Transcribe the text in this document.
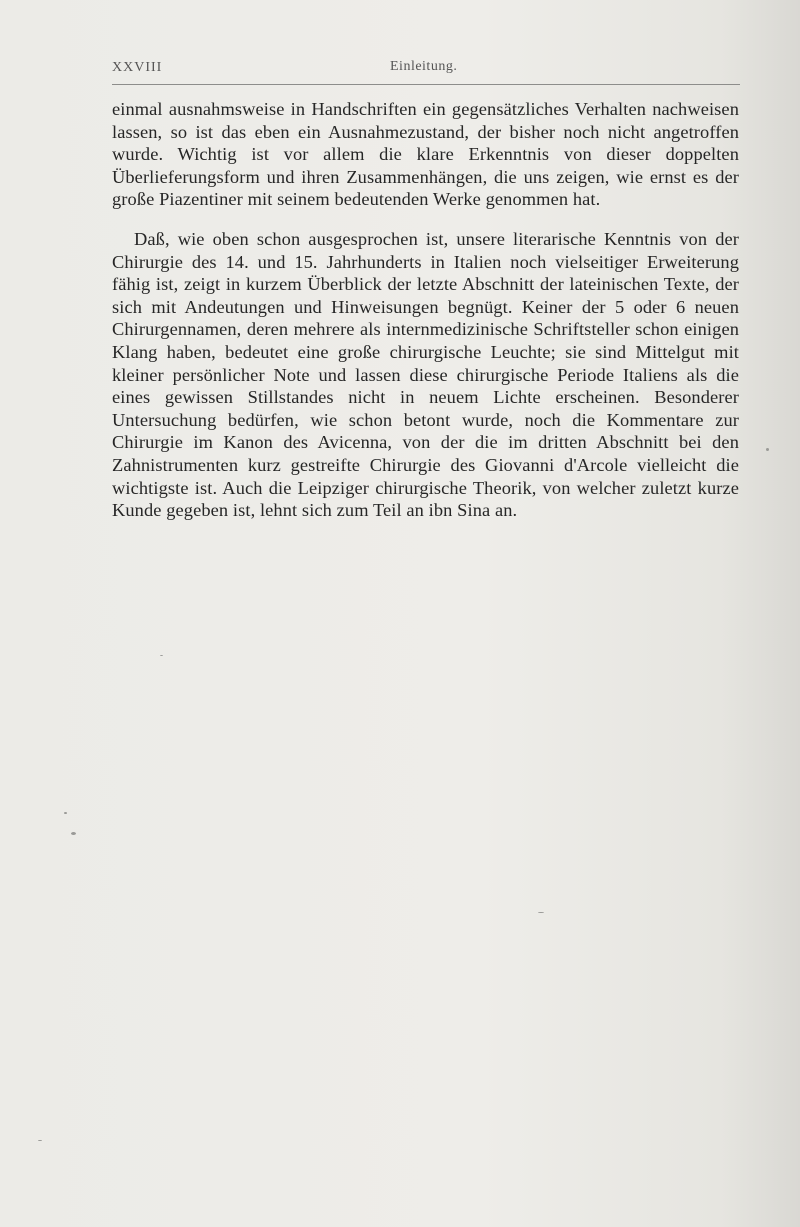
XXVIII	Einleitung.

einmal ausnahmsweise in Handschriften ein gegensätzliches Verhalten nachweisen lassen, so ist das eben ein Ausnahmezustand, der bisher noch nicht angetroffen wurde. Wichtig ist vor allem die klare Erkenntnis von dieser doppelten Überlieferungsform und ihren Zusammenhängen, die uns zeigen, wie ernst es der große Piazentiner mit seinem bedeutenden Werke genommen hat.

Daß, wie oben schon ausgesprochen ist, unsere literarische Kenntnis von der Chirurgie des 14. und 15. Jahrhunderts in Italien noch vielseitiger Erweiterung fähig ist, zeigt in kurzem Überblick der letzte Abschnitt der lateinischen Texte, der sich mit Andeutungen und Hinweisungen begnügt. Keiner der 5 oder 6 neuen Chirurgennamen, deren mehrere als internmedizinische Schriftsteller schon einigen Klang haben, bedeutet eine große chirurgische Leuchte; sie sind Mittelgut mit kleiner persönlicher Note und lassen diese chirurgische Periode Italiens als die eines gewissen Stillstandes nicht in neuem Lichte erscheinen. Besonderer Untersuchung bedürfen, wie schon betont wurde, noch die Kommentare zur Chirurgie im Kanon des Avicenna, von der die im dritten Abschnitt bei den Zahnistrumenten kurz gestreifte Chirurgie des Giovanni d'Arcole vielleicht die wichtigste ist. Auch die Leipziger chirurgische Theorik, von welcher zuletzt kurze Kunde gegeben ist, lehnt sich zum Teil an ibn Sina an.
